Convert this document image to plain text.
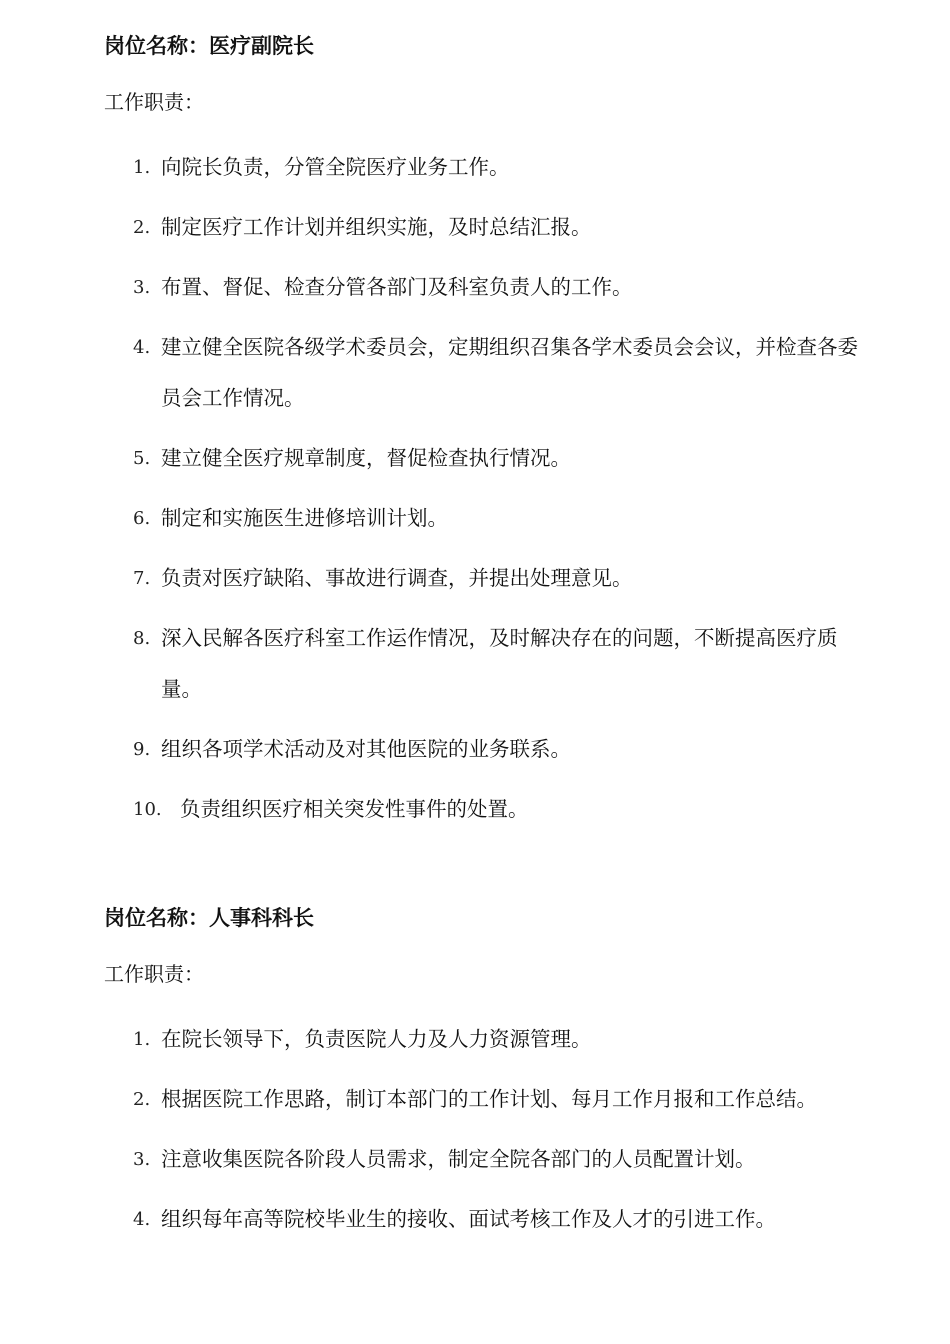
岗位名称：医疗副院长
工作职责：
1. 向院长负责，分管全院医疗业务工作。
2. 制定医疗工作计划并组织实施，及时总结汇报。
3. 布置、督促、检查分管各部门及科室负责人的工作。
4. 建立健全医院各级学术委员会，定期组织召集各学术委员会会议，并检查各委员会工作情况。
5. 建立健全医疗规章制度，督促检查执行情况。
6. 制定和实施医生进修培训计划。
7. 负责对医疗缺陷、事故进行调查，并提出处理意见。
8. 深入民解各医疗科室工作运作情况，及时解决存在的问题，不断提高医疗质量。
9. 组织各项学术活动及对其他医院的业务联系。
10. 负责组织医疗相关突发性事件的处置。
岗位名称：人事科科长
工作职责：
1. 在院长领导下，负责医院人力及人力资源管理。
2. 根据医院工作思路，制订本部门的工作计划、每月工作月报和工作总结。
3. 注意收集医院各阶段人员需求，制定全院各部门的人员配置计划。
4. 组织每年高等院校毕业生的接收、面试考核工作及人才的引进工作。
